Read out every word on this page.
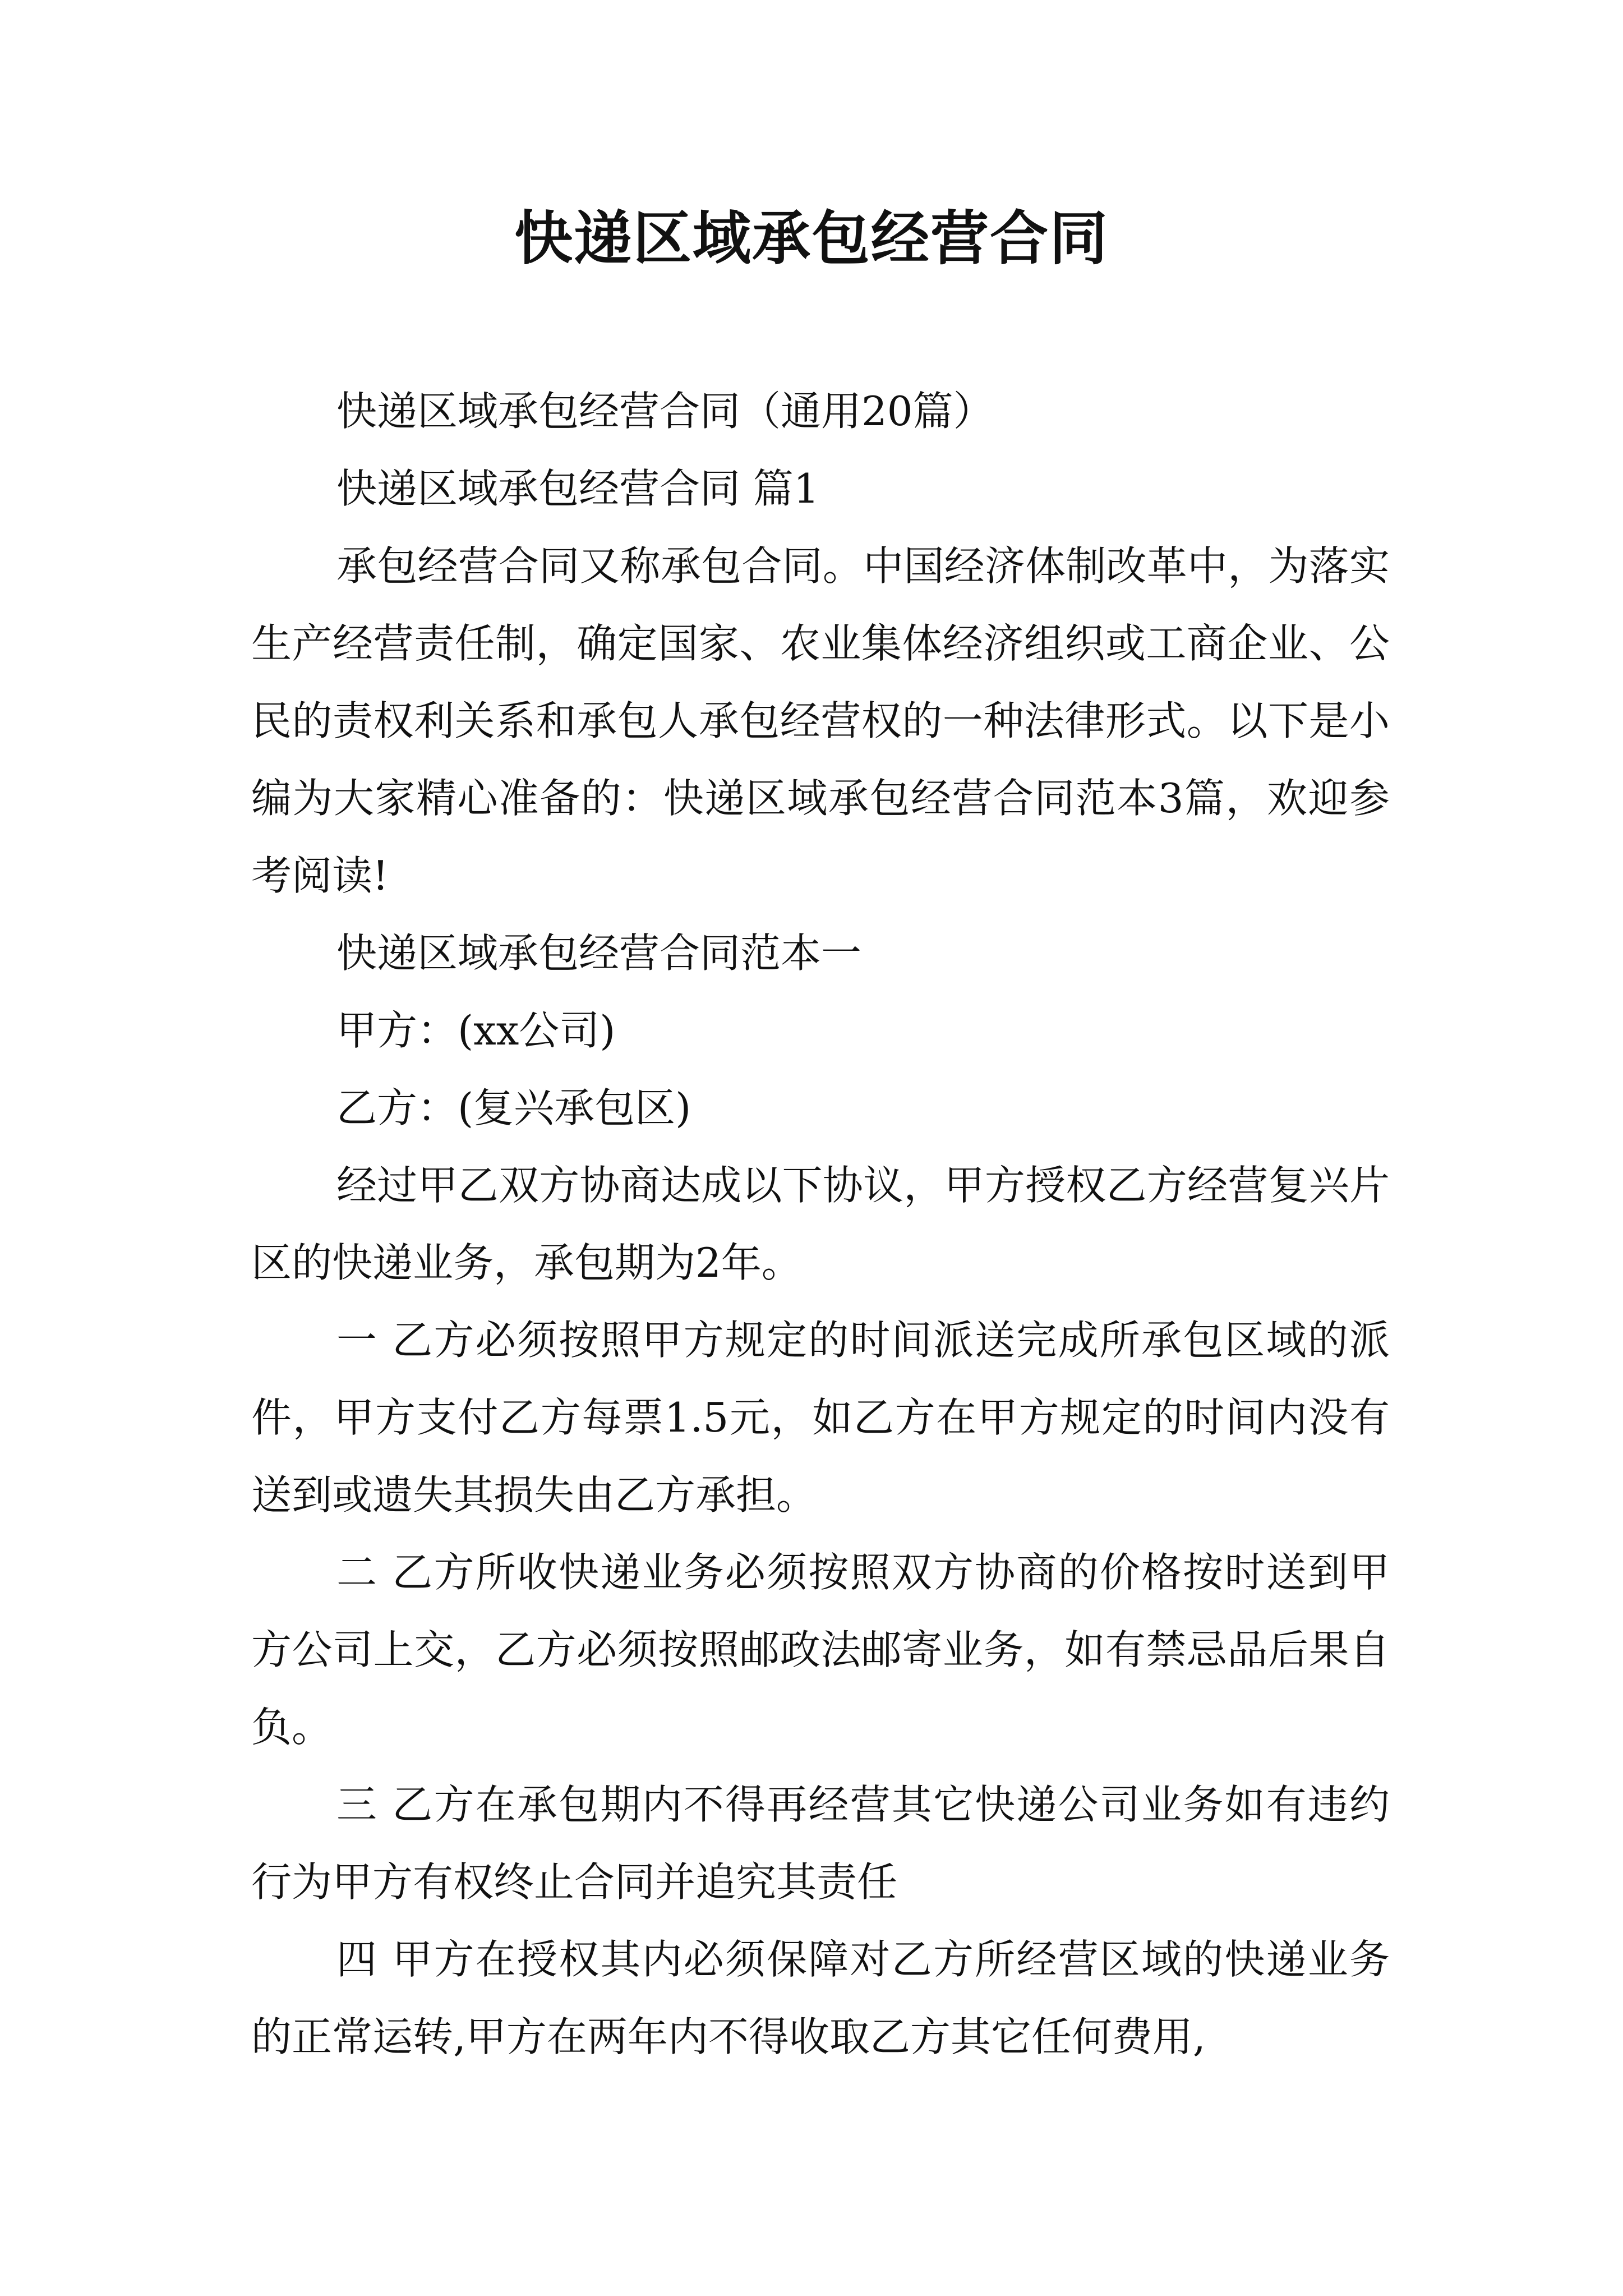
快递区域承包经营合同

快递区域承包经营合同（通用20篇）

快递区域承包经营合同 篇1

承包经营合同又称承包合同。中国经济体制改革中，为落实生产经营责任制，确定国家、农业集体经济组织或工商企业、公民的责权利关系和承包人承包经营权的一种法律形式。以下是小编为大家精心准备的：快递区域承包经营合同范本3篇，欢迎参考阅读!

快递区域承包经营合同范本一

甲方：(xx公司)

乙方：(复兴承包区)

经过甲乙双方协商达成以下协议，甲方授权乙方经营复兴片区的快递业务，承包期为2年。

一 乙方必须按照甲方规定的时间派送完成所承包区域的派件，甲方支付乙方每票1.5元，如乙方在甲方规定的时间内没有送到或遗失其损失由乙方承担。

二 乙方所收快递业务必须按照双方协商的价格按时送到甲方公司上交，乙方必须按照邮政法邮寄业务，如有禁忌品后果自负。

三 乙方在承包期内不得再经营其它快递公司业务如有违约行为甲方有权终止合同并追究其责任

四 甲方在授权其内必须保障对乙方所经营区域的快递业务的正常运转,甲方在两年内不得收取乙方其它任何费用,
